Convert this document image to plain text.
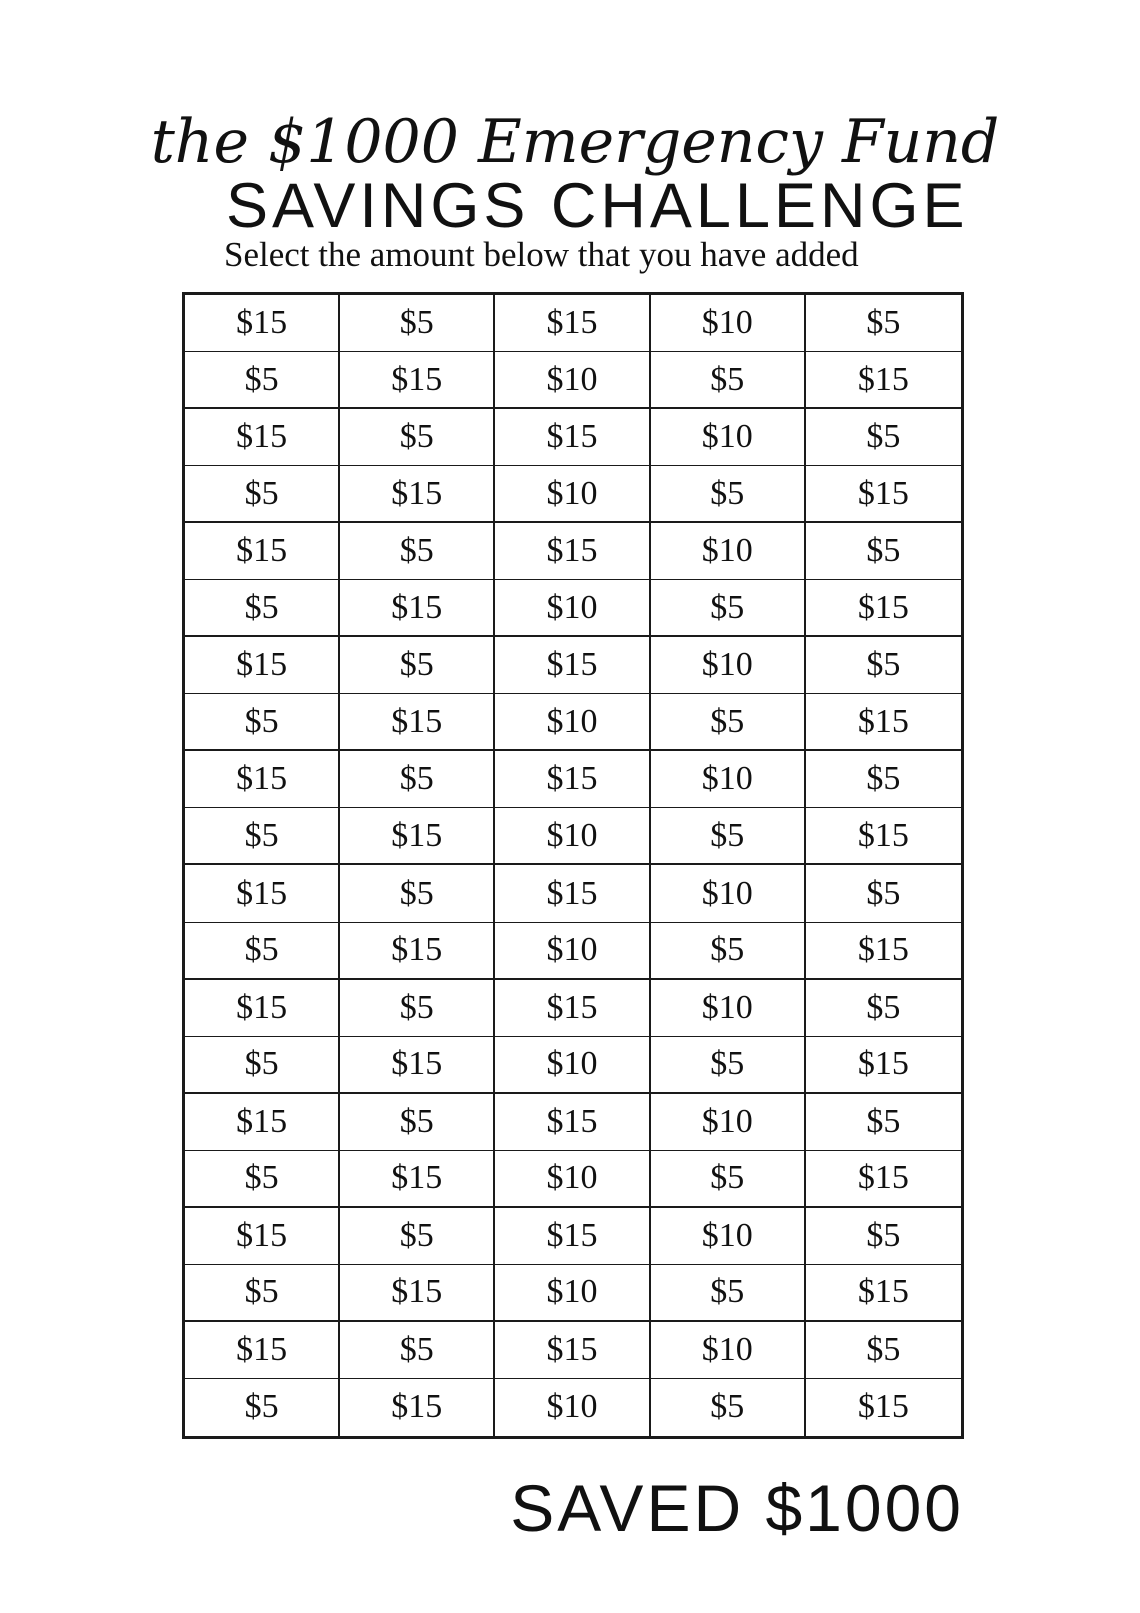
the $1000 Emergency Fund
SAVINGS CHALLENGE
Select the amount below that you have added
$15	$5	$15	$10	$5
$5	$15	$10	$5	$15
$15	$5	$15	$10	$5
$5	$15	$10	$5	$15
$15	$5	$15	$10	$5
$5	$15	$10	$5	$15
$15	$5	$15	$10	$5
$5	$15	$10	$5	$15
$15	$5	$15	$10	$5
$5	$15	$10	$5	$15
$15	$5	$15	$10	$5
$5	$15	$10	$5	$15
$15	$5	$15	$10	$5
$5	$15	$10	$5	$15
$15	$5	$15	$10	$5
$5	$15	$10	$5	$15
$15	$5	$15	$10	$5
$5	$15	$10	$5	$15
$15	$5	$15	$10	$5
$5	$15	$10	$5	$15
SAVED $1000
